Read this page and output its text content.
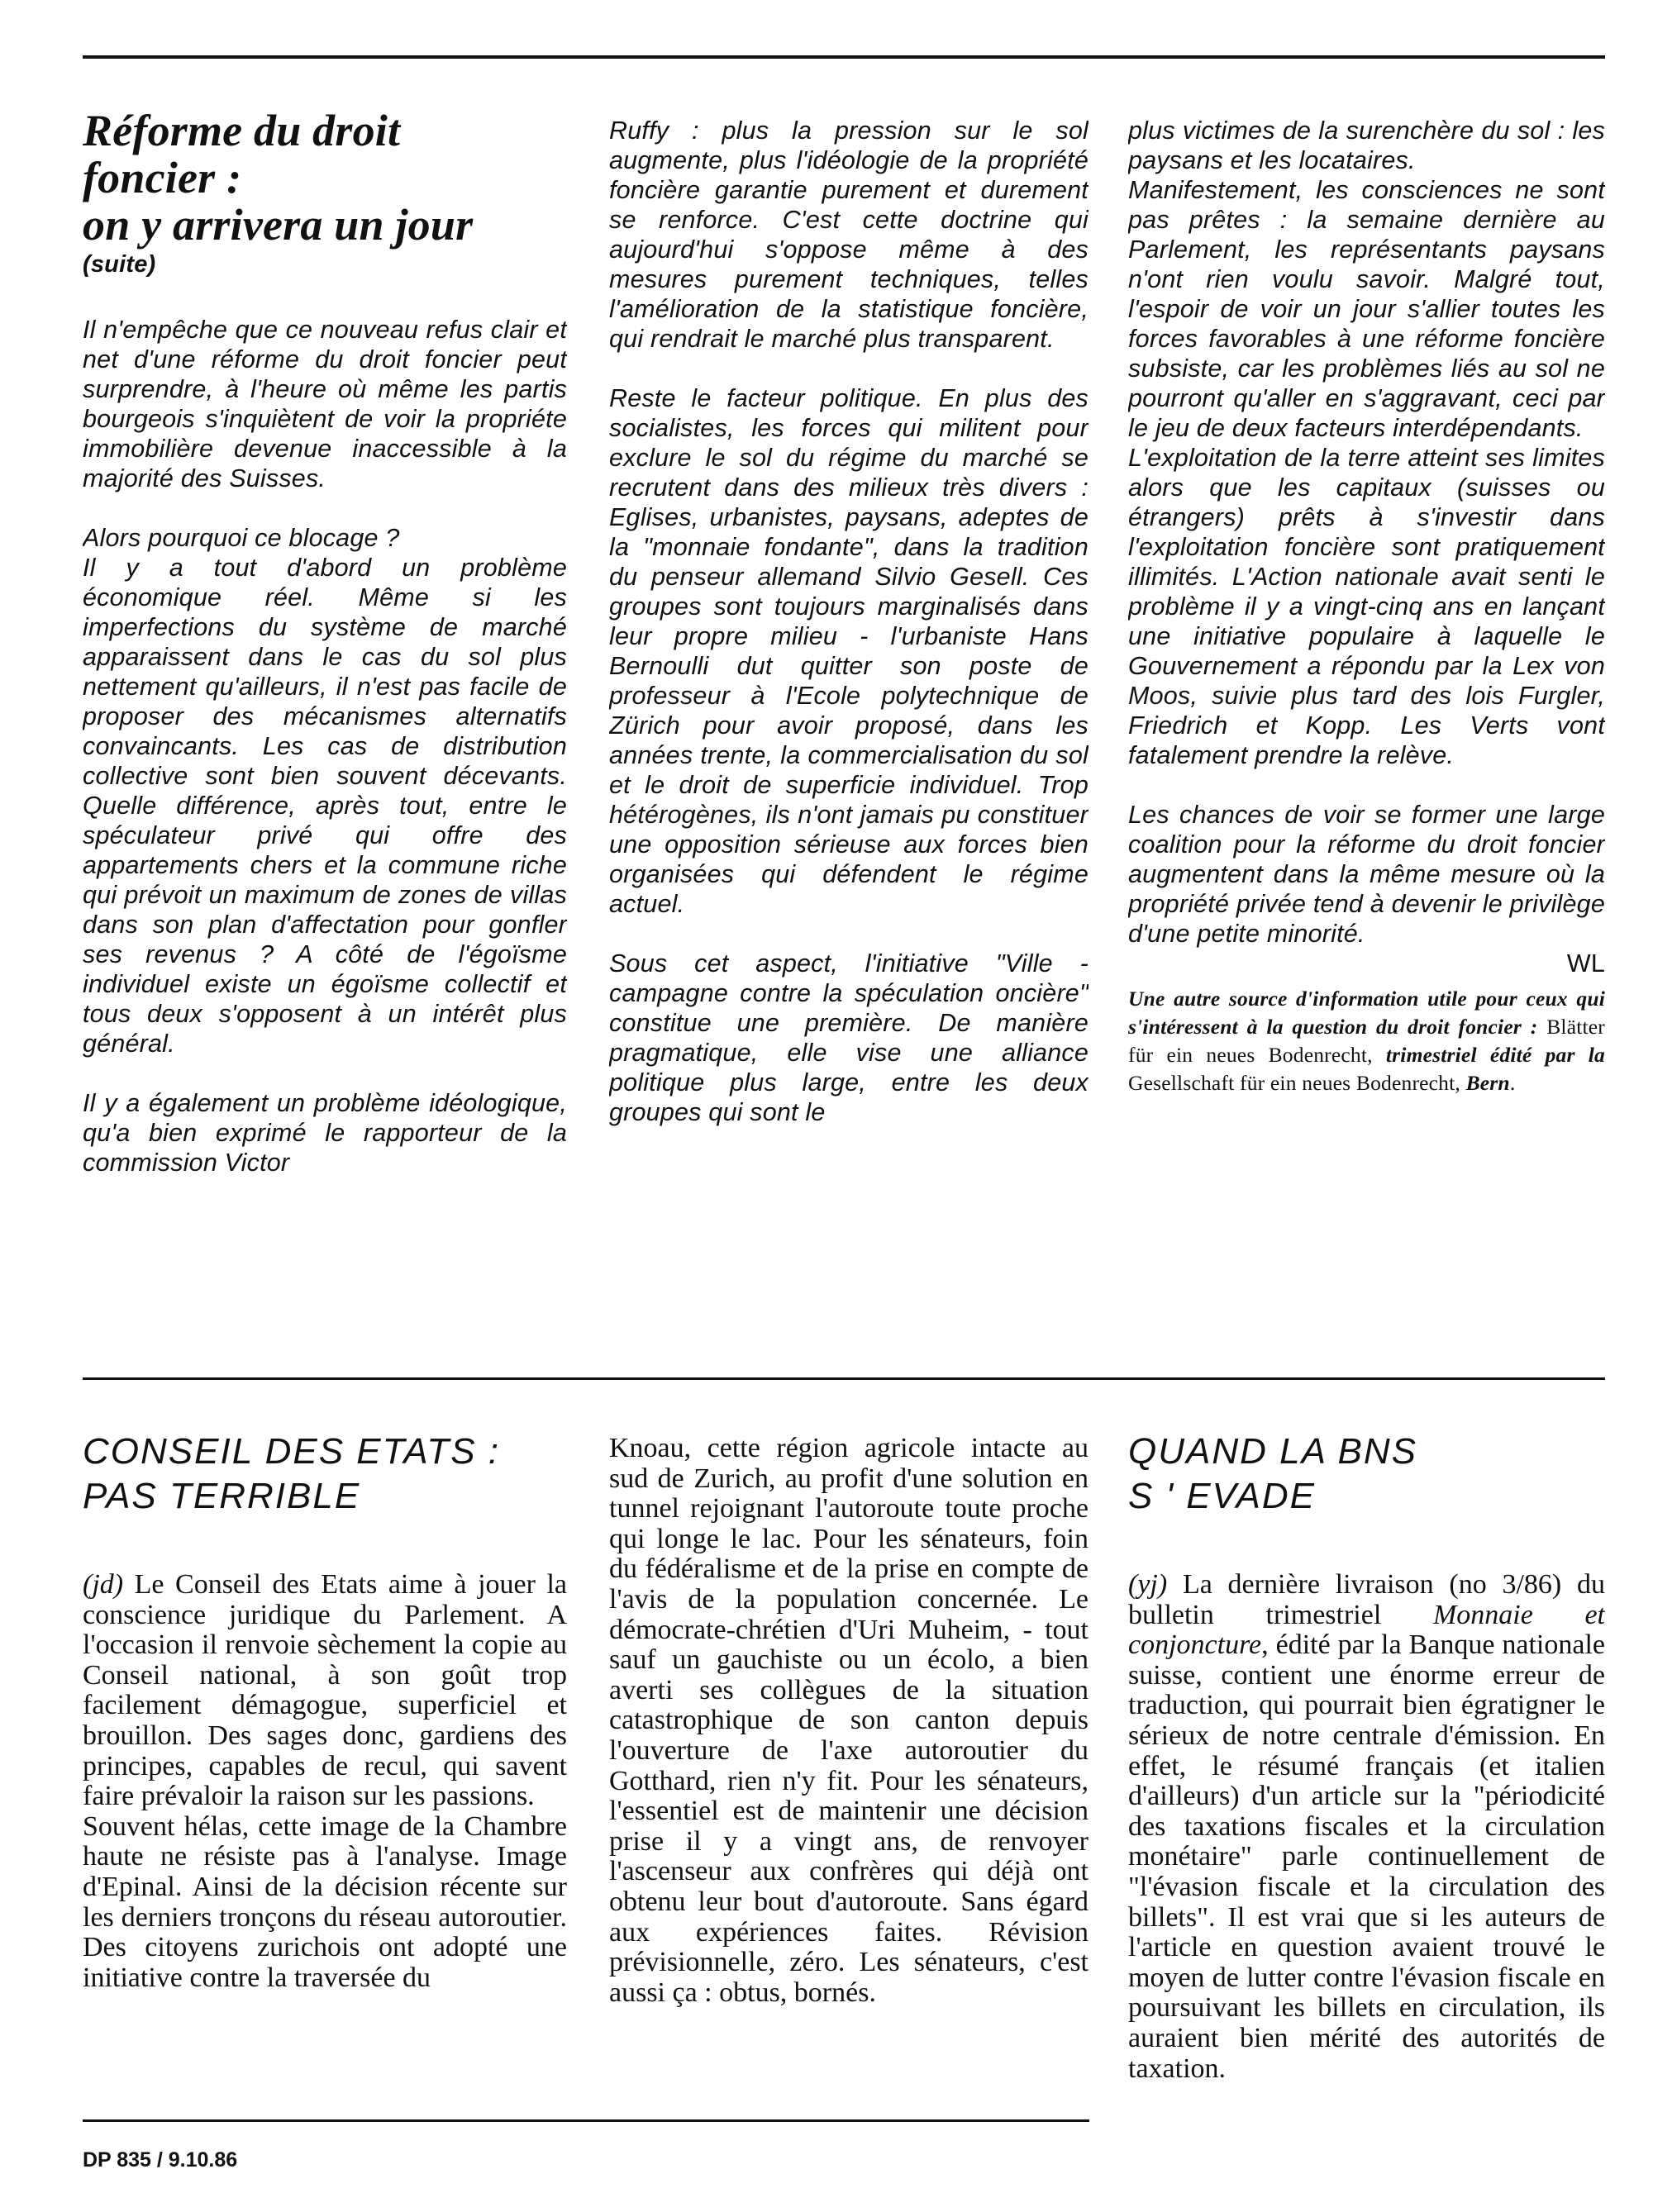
Réforme du droit
foncier :
on y arrivera un jour

(suite)

Il n'empêche que ce nouveau refus clair et net d'une réforme du droit foncier peut surprendre, à l'heure où même les partis bourgeois s'inquiètent de voir la propriéte immobilière devenue inaccessible à la majorité des Suisses.

Alors pourquoi ce blocage ?

Il y a tout d'abord un problème économique réel. Même si les imperfections du système de marché apparaissent dans le cas du sol plus nettement qu'ailleurs, il n'est pas facile de proposer des mécanismes alternatifs convaincants. Les cas de distribution collective sont bien souvent décevants. Quelle différence, après tout, entre le spéculateur privé qui offre des appartements chers et la commune riche qui prévoit un maximum de zones de villas dans son plan d'affectation pour gonfler ses revenus ? A côté de l'égoïsme individuel existe un égoïsme collectif et tous deux s'opposent à un intérêt plus général.

Il y a également un problème idéologique, qu'a bien exprimé le rapporteur de la commission Victor

Ruffy : plus la pression sur le sol augmente, plus l'idéologie de la propriété foncière garantie purement et durement se renforce. C'est cette doctrine qui aujourd'hui s'oppose même à des mesures purement techniques, telles l'amélioration de la statistique foncière, qui rendrait le marché plus transparent.

Reste le facteur politique. En plus des socialistes, les forces qui militent pour exclure le sol du régime du marché se recrutent dans des milieux très divers : Eglises, urbanistes, paysans, adeptes de la "monnaie fondante", dans la tradition du penseur allemand Silvio Gesell. Ces groupes sont toujours marginalisés dans leur propre milieu - l'urbaniste Hans Bernoulli dut quitter son poste de professeur à l'Ecole polytechnique de Zürich pour avoir proposé, dans les années trente, la commercialisation du sol et le droit de superficie individuel. Trop hétérogènes, ils n'ont jamais pu constituer une opposition sérieuse aux forces bien organisées qui défendent le régime actuel.

Sous cet aspect, l'initiative "Ville - campagne contre la spéculation oncière" constitue une première. De manière pragmatique, elle vise une alliance politique plus large, entre les deux groupes qui sont le

plus victimes de la surenchère du sol : les paysans et les locataires.

Manifestement, les consciences ne sont pas prêtes : la semaine dernière au Parlement, les représentants paysans n'ont rien voulu savoir. Malgré tout, l'espoir de voir un jour s'allier toutes les forces favorables à une réforme foncière subsiste, car les problèmes liés au sol ne pourront qu'aller en s'aggravant, ceci par le jeu de deux facteurs interdépendants.

L'exploitation de la terre atteint ses limites alors que les capitaux (suisses ou étrangers) prêts à s'investir dans l'exploitation foncière sont pratiquement illimités. L'Action nationale avait senti le problème il y a vingt-cinq ans en lançant une initiative populaire à laquelle le Gouvernement a répondu par la Lex von Moos, suivie plus tard des lois Furgler, Friedrich et Kopp. Les Verts vont fatalement prendre la relève.

Les chances de voir se former une large coalition pour la réforme du droit foncier augmentent dans la même mesure où la propriété privée tend à devenir le privilège d'une petite minorité.

WL

Une autre source d'information utile pour ceux qui s'intéressent à la question du droit foncier : Blätter für ein neues Bodenrecht, trimestriel édité par la Gesellschaft für ein neues Bodenrecht, Bern.

CONSEIL DES ETATS :
PAS TERRIBLE

(jd) Le Conseil des Etats aime à jouer la conscience juridique du Parlement. A l'occasion il renvoie sèchement la copie au Conseil national, à son goût trop facilement démagogue, superficiel et brouillon. Des sages donc, gardiens des principes, capables de recul, qui savent faire prévaloir la raison sur les passions.

Souvent hélas, cette image de la Chambre haute ne résiste pas à l'analyse. Image d'Epinal. Ainsi de la décision récente sur les derniers tronçons du réseau autoroutier. Des citoyens zurichois ont adopté une initiative contre la traversée du

Knoau, cette région agricole intacte au sud de Zurich, au profit d'une solution en tunnel rejoignant l'autoroute toute proche qui longe le lac. Pour les sénateurs, foin du fédéralisme et de la prise en compte de l'avis de la population concernée. Le démocrate-chrétien d'Uri Muheim, - tout sauf un gauchiste ou un écolo, a bien averti ses collègues de la situation catastrophique de son canton depuis l'ouverture de l'axe autoroutier du Gotthard, rien n'y fit. Pour les sénateurs, l'essentiel est de maintenir une décision prise il y a vingt ans, de renvoyer l'ascenseur aux confrères qui déjà ont obtenu leur bout d'autoroute. Sans égard aux expériences faites. Révision prévisionnelle, zéro. Les sénateurs, c'est aussi ça : obtus, bornés.

QUAND LA BNS
S ' EVADE

(yj) La dernière livraison (no 3/86) du bulletin trimestriel Monnaie et conjoncture, édité par la Banque nationale suisse, contient une énorme erreur de traduction, qui pourrait bien égratigner le sérieux de notre centrale d'émission. En effet, le résumé français (et italien d'ailleurs) d'un article sur la "périodicité des taxations fiscales et la circulation monétaire" parle continuellement de "l'évasion fiscale et la circulation des billets". Il est vrai que si les auteurs de l'article en question avaient trouvé le moyen de lutter contre l'évasion fiscale en poursuivant les billets en circulation, ils auraient bien mérité des autorités de taxation.

DP 835 / 9.10.86
